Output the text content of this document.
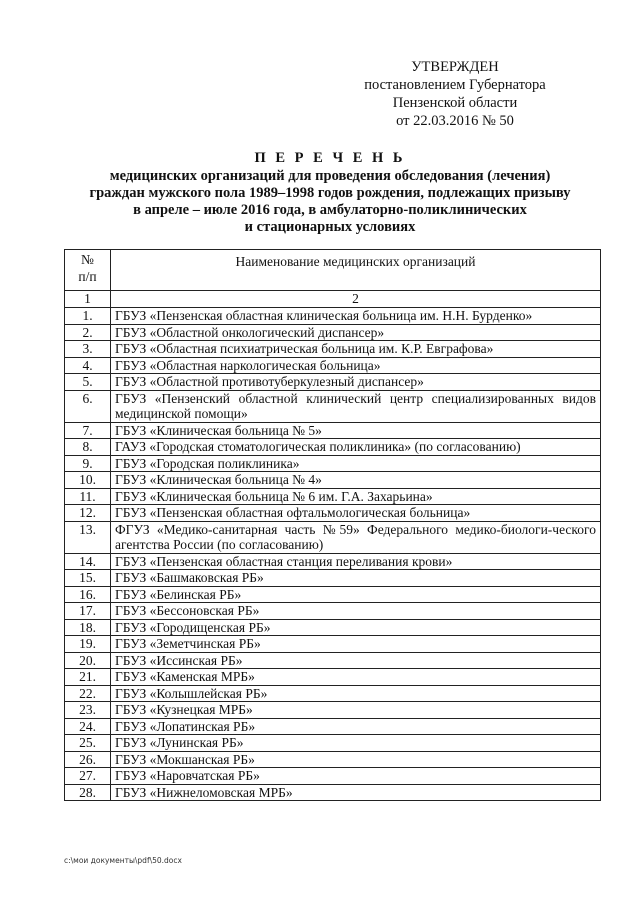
УТВЕРЖДЕН
постановлением Губернатора
Пензенской области
от 22.03.2016 № 50
П Е Р Е Ч Е Н Ь
медицинских организаций для проведения обследования (лечения)
граждан мужского пола 1989–1998 годов рождения, подлежащих призыву
в апреле – июле 2016 года, в амбулаторно-поликлинических
и стационарных условиях
№
п/п	Наименование медицинских организаций
1	2
1.	ГБУЗ «Пензенская областная клиническая больница им. Н.Н. Бурденко»
2.	ГБУЗ «Областной онкологический диспансер»
3.	ГБУЗ «Областная психиатрическая больница им. К.Р. Евграфова»
4.	ГБУЗ «Областная наркологическая больница»
5.	ГБУЗ «Областной противотуберкулезный диспансер»
6.	ГБУЗ «Пензенский областной клинический центр специализированных видов медицинской помощи»
7.	ГБУЗ «Клиническая больница № 5»
8.	ГАУЗ «Городская стоматологическая поликлиника» (по согласованию)
9.	ГБУЗ «Городская поликлиника»
10.	ГБУЗ «Клиническая больница № 4»
11.	ГБУЗ «Клиническая больница № 6 им. Г.А. Захарьина»
12.	ГБУЗ «Пензенская областная офтальмологическая больница»
13.	ФГУЗ «Медико-санитарная часть №59» Федерального медико-биологи-ческого агентства России (по согласованию)
14.	ГБУЗ «Пензенская областная станция переливания крови»
15.	ГБУЗ «Башмаковская РБ»
16.	ГБУЗ «Белинская РБ»
17.	ГБУЗ «Бессоновская РБ»
18.	ГБУЗ «Городищенская РБ»
19.	ГБУЗ «Земетчинская РБ»
20.	ГБУЗ «Иссинская РБ»
21.	ГБУЗ «Каменская МРБ»
22.	ГБУЗ «Колышлейская РБ»
23.	ГБУЗ «Кузнецкая МРБ»
24.	ГБУЗ «Лопатинская РБ»
25.	ГБУЗ «Лунинская РБ»
26.	ГБУЗ «Мокшанская РБ»
27.	ГБУЗ «Наровчатская РБ»
28.	ГБУЗ «Нижнеломовская МРБ»
c:\мои документы\pdf\50.docx
